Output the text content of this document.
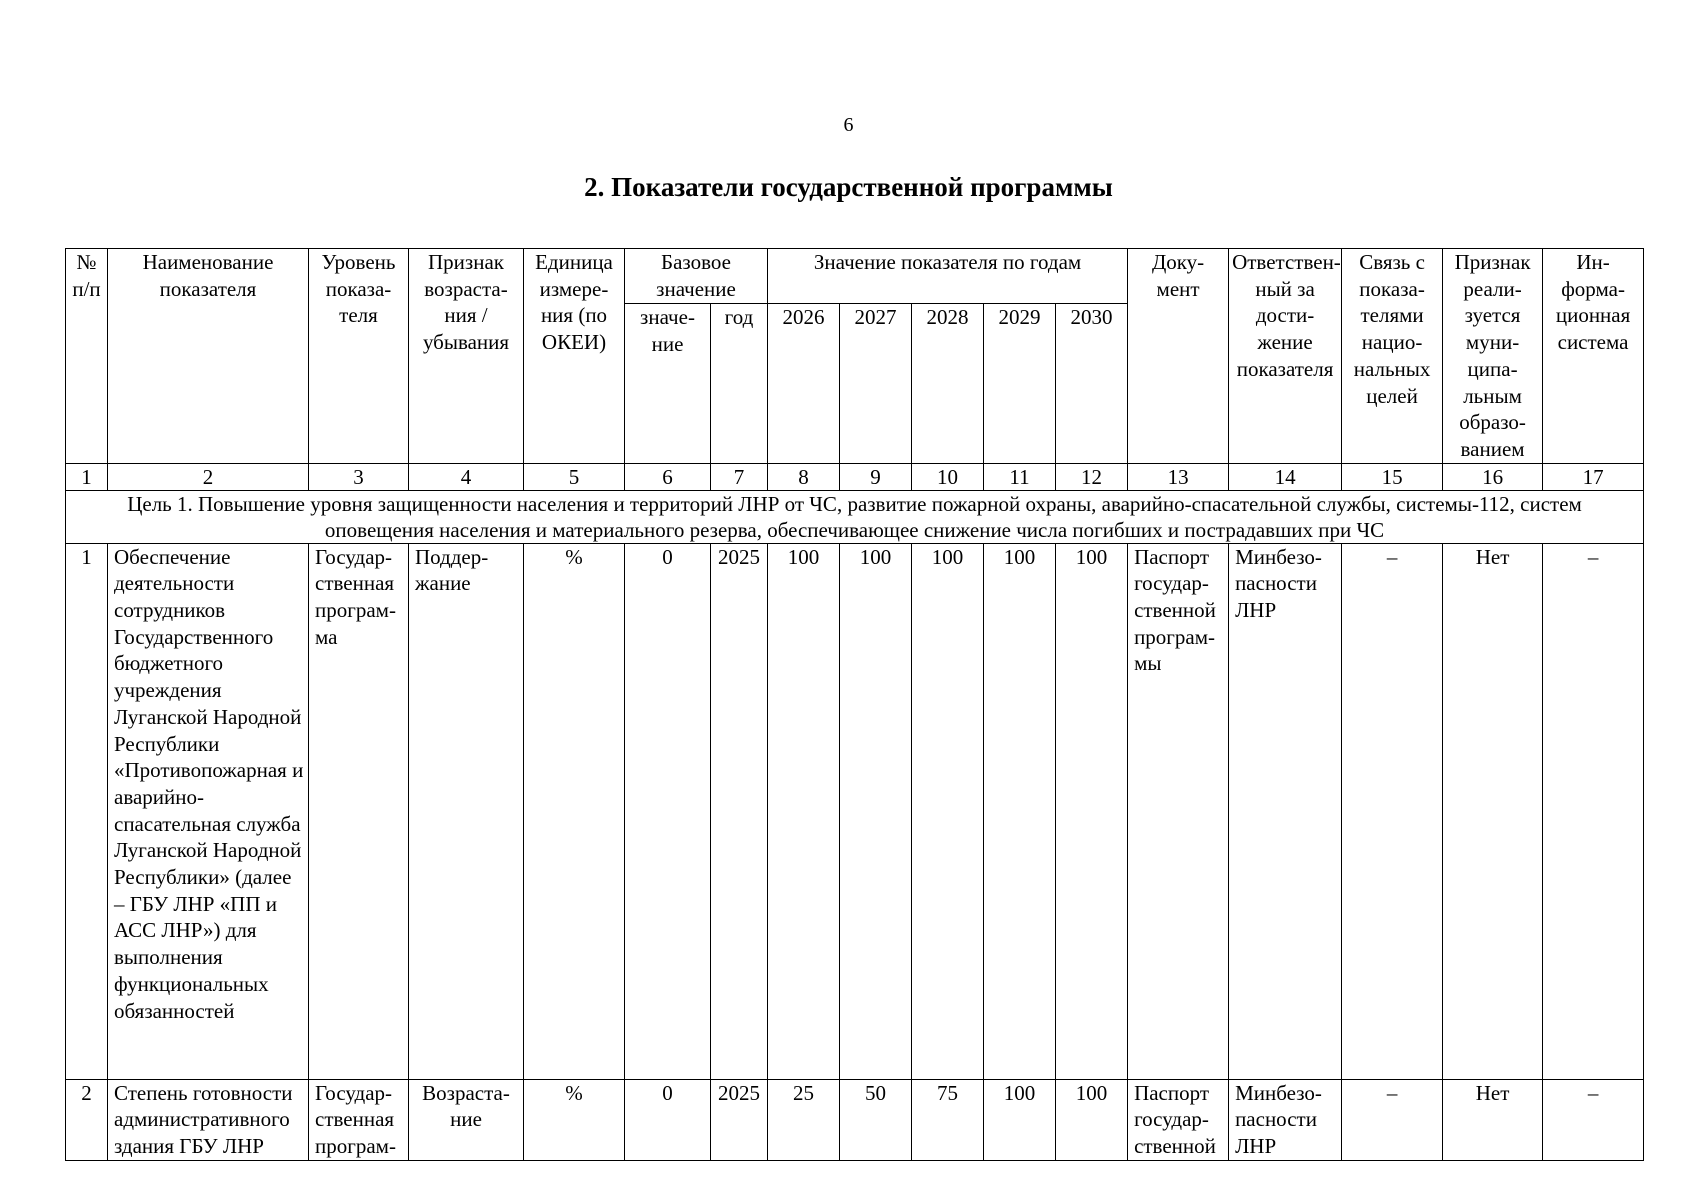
6
2. Показатели государственной программы
№
п/п	Наименование показателя	Уровень показа-теля	Признак возраста-ния / убывания	Единица измере-ния (по ОКЕИ)	Базовое значение		Значение показателя по годам					Доку-мент	Ответствен-ный за дости-жение показателя	Связь с показа-телями нацио-нальных целей	Признак реали-зуется муни-ципа-льным образо-ванием	Ин-форма-ционная система
					значе-ние	год	2026	2027	2028	2029	2030					
1	2	3	4	5	6	7	8	9	10	11	12	13	14	15	16	17
Цель 1. Повышение уровня защищенности населения и территорий ЛНР от ЧС, развитие пожарной охраны, аварийно-спасательной службы, системы-112, систем оповещения населения и материального резерва, обеспечивающее снижение числа погибших и пострадавших при ЧС																
1	Обеспечение деятельности сотрудников Государственного бюджетного учреждения Луганской Народной Республики «Противопожарная и аварийно-спасательная служба Луганской Народной Республики» (далее – ГБУ ЛНР «ПП и АСС ЛНР») для выполнения функциональных обязанностей	Государ-ственная програм-ма	Поддер-жание	%	0	2025	100	100	100	100	100	Паспорт государ-ственной програм-мы	Минбезо-пасности ЛНР	–	Нет	–
2	Степень готовности административного здания ГБУ ЛНР	Государ-ственная програм-	Возраста-ние	%	0	2025	25	50	75	100	100	Паспорт государ-ственной	Минбезо-пасности ЛНР	–	Нет	–
